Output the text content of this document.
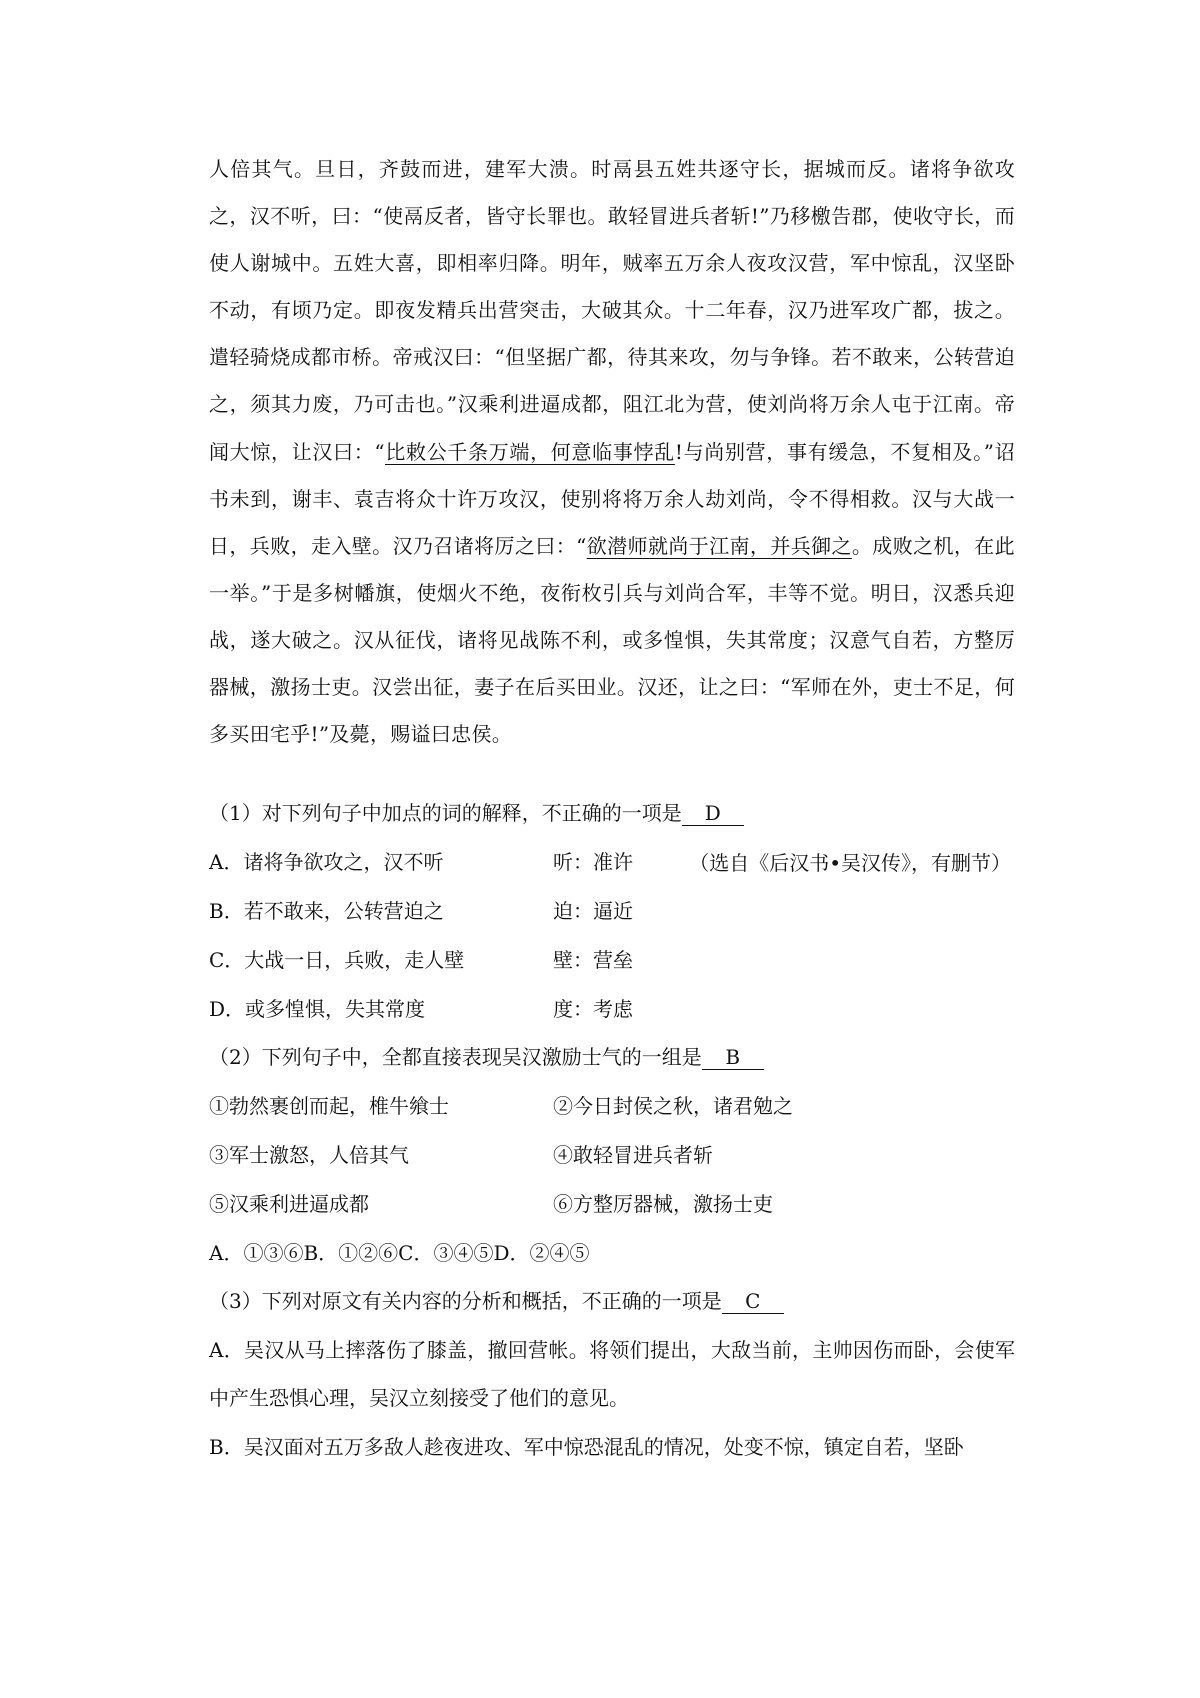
人倍其气。旦日，齐鼓而进，建军大溃。时鬲县五姓共逐守长，据城而反。诸将争欲攻之，汉不听，曰：“使鬲反者，皆守长罪也。敢轻冒进兵者斩!”乃移檄告郡，使收守长，而使人谢城中。五姓大喜，即相率归降。明年，贼率五万余人夜攻汉营，军中惊乱，汉坚卧不动，有顷乃定。即夜发精兵出营突击，大破其众。十二年春，汉乃进军攻广都，拔之。遣轻骑烧成都市桥。帝戒汉曰：“但坚据广都，待其来攻，勿与争锋。若不敢来，公转营迫之，须其力废，乃可击也。”汉乘利进逼成都，阻江北为营，使刘尚将万余人屯于江南。帝闻大惊，让汉曰：“比敕公千条万端，何意临事悖乱!与尚别营，事有缓急，不复相及。”诏书未到，谢丰、袁吉将众十许万攻汉，使别将将万余人劫刘尚，令不得相救。汉与大战一日，兵败，走入壁。汉乃召诸将厉之曰：“欲潜师就尚于江南，并兵御之。成败之机，在此一举。”于是多树幡旗，使烟火不绝，夜衔枚引兵与刘尚合军，丰等不觉。明日，汉悉兵迎战，遂大破之。汉从征伐，诸将见战陈不利，或多惶惧，失其常度；汉意气自若，方整厉器械，激扬士吏。汉尝出征，妻子在后买田业。汉还，让之曰：“军师在外，吏士不足，何多买田宅乎!”及薨，赐谥曰忠侯。

（选自《后汉书•吴汉传》，有删节）

（1）对下列句子中加点的词的解释，不正确的一项是 D

A．诸将争欲攻之，汉不听	听：准许

B．若不敢来，公转营迫之	迫：逼近

C．大战一日，兵败，走人壁	壁：营垒

D．或多惶惧，失其常度	度：考虑

（2）下列句子中，全都直接表现吴汉激励士气的一组是 B

①勃然裹创而起，椎牛飨士	②今日封侯之秋，诸君勉之

③军士激怒，人倍其气	④敢轻冒进兵者斩

⑤汉乘利进逼成都	⑥方整厉器械，激扬士吏

A．①③⑥B．①②⑥C．③④⑤D．②④⑤

（3）下列对原文有关内容的分析和概括，不正确的一项是 C

A．吴汉从马上摔落伤了膝盖，撤回营帐。将领们提出，大敌当前，主帅因伤而卧，会使军中产生恐惧心理，吴汉立刻接受了他们的意见。

B．吴汉面对五万多敌人趁夜进攻、军中惊恐混乱的情况，处变不惊，镇定自若，坚卧
